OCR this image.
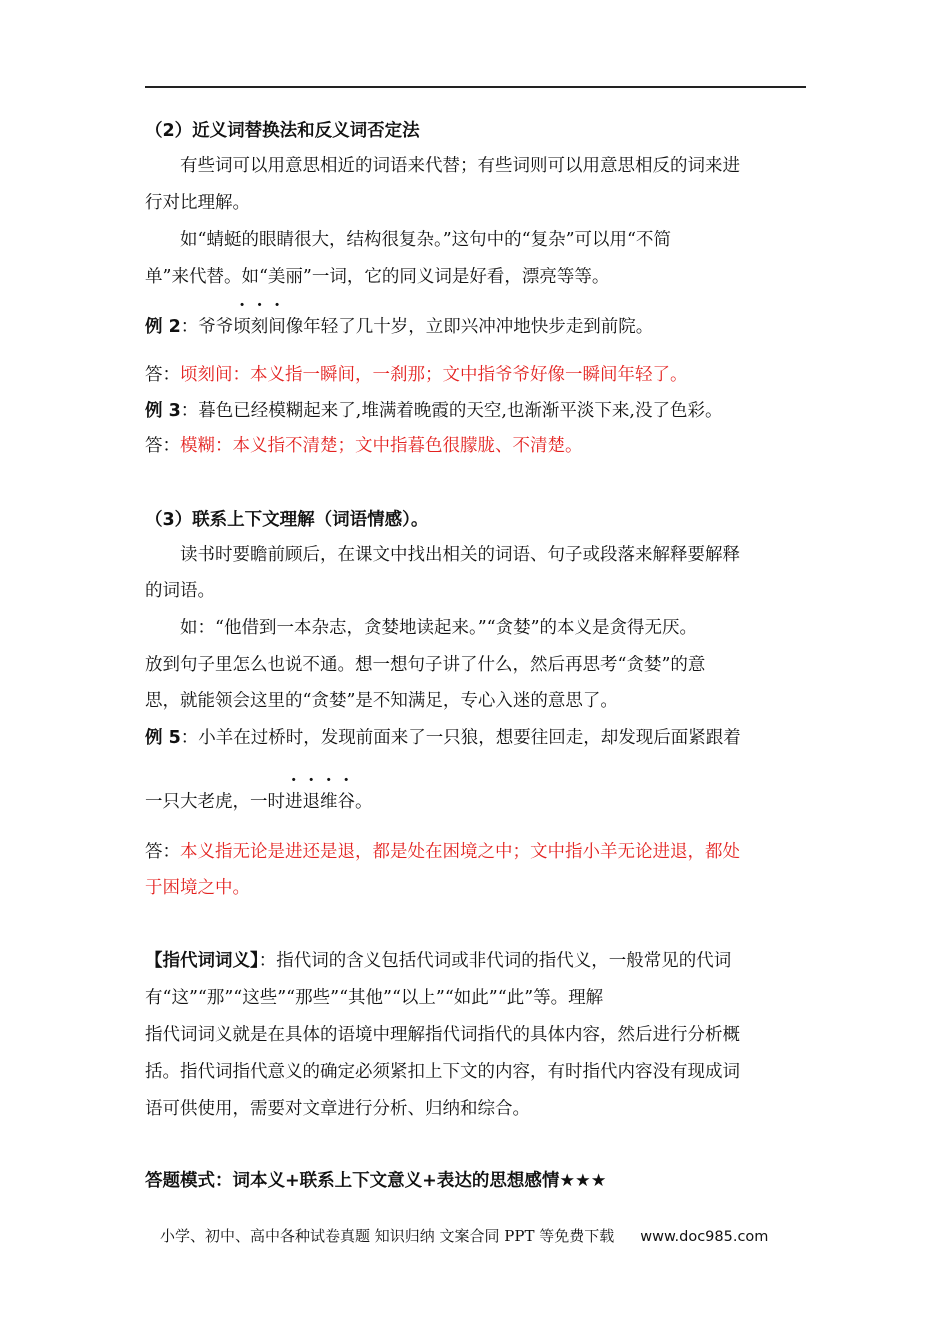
（2）近义词替换法和反义词否定法
有些词可以用意思相近的词语来代替；有些词则可以用意思相反的词来进
行对比理解。
如“蜻蜓的眼睛很大，结构很复杂。”这句中的“复杂”可以用“不简
单”来代替。如“美丽”一词，它的同义词是好看，漂亮等等。
例 2：爷爷顷刻间像年轻了几十岁，立即兴冲冲地快步走到前院。
答：顷刻间：本义指一瞬间，一刹那；文中指爷爷好像一瞬间年轻了。
例 3：暮色已经模糊起来了,堆满着晚霞的天空,也渐渐平淡下来,没了色彩。
答：模糊：本义指不清楚；文中指暮色很朦胧、不清楚。
（3）联系上下文理解（词语情感）。
读书时要瞻前顾后，在课文中找出相关的词语、句子或段落来解释要解释
的词语。
如：“他借到一本杂志，贪婪地读起来。”“贪婪”的本义是贪得无厌。
放到句子里怎么也说不通。想一想句子讲了什么，然后再思考“贪婪”的意
思，就能领会这里的“贪婪”是不知满足，专心入迷的意思了。
例 5：小羊在过桥时，发现前面来了一只狼，想要往回走，却发现后面紧跟着
一只大老虎，一时进退维谷。
答：本义指无论是进还是退，都是处在困境之中；文中指小羊无论进退，都处
于困境之中。
【指代词词义】：指代词的含义包括代词或非代词的指代义，一般常见的代词
有“这”“那”“这些”“那些”“其他”“以上”“如此”“此”等。理解
指代词词义就是在具体的语境中理解指代词指代的具体内容，然后进行分析概
括。指代词指代意义的确定必须紧扣上下文的内容，有时指代内容没有现成词
语可供使用，需要对文章进行分析、归纳和综合。
答题模式：词本义+联系上下文意义+表达的思想感情★★★
小学、初中、高中各种试卷真题 知识归纳 文案合同 PPT 等免费下载 www.doc985.com
